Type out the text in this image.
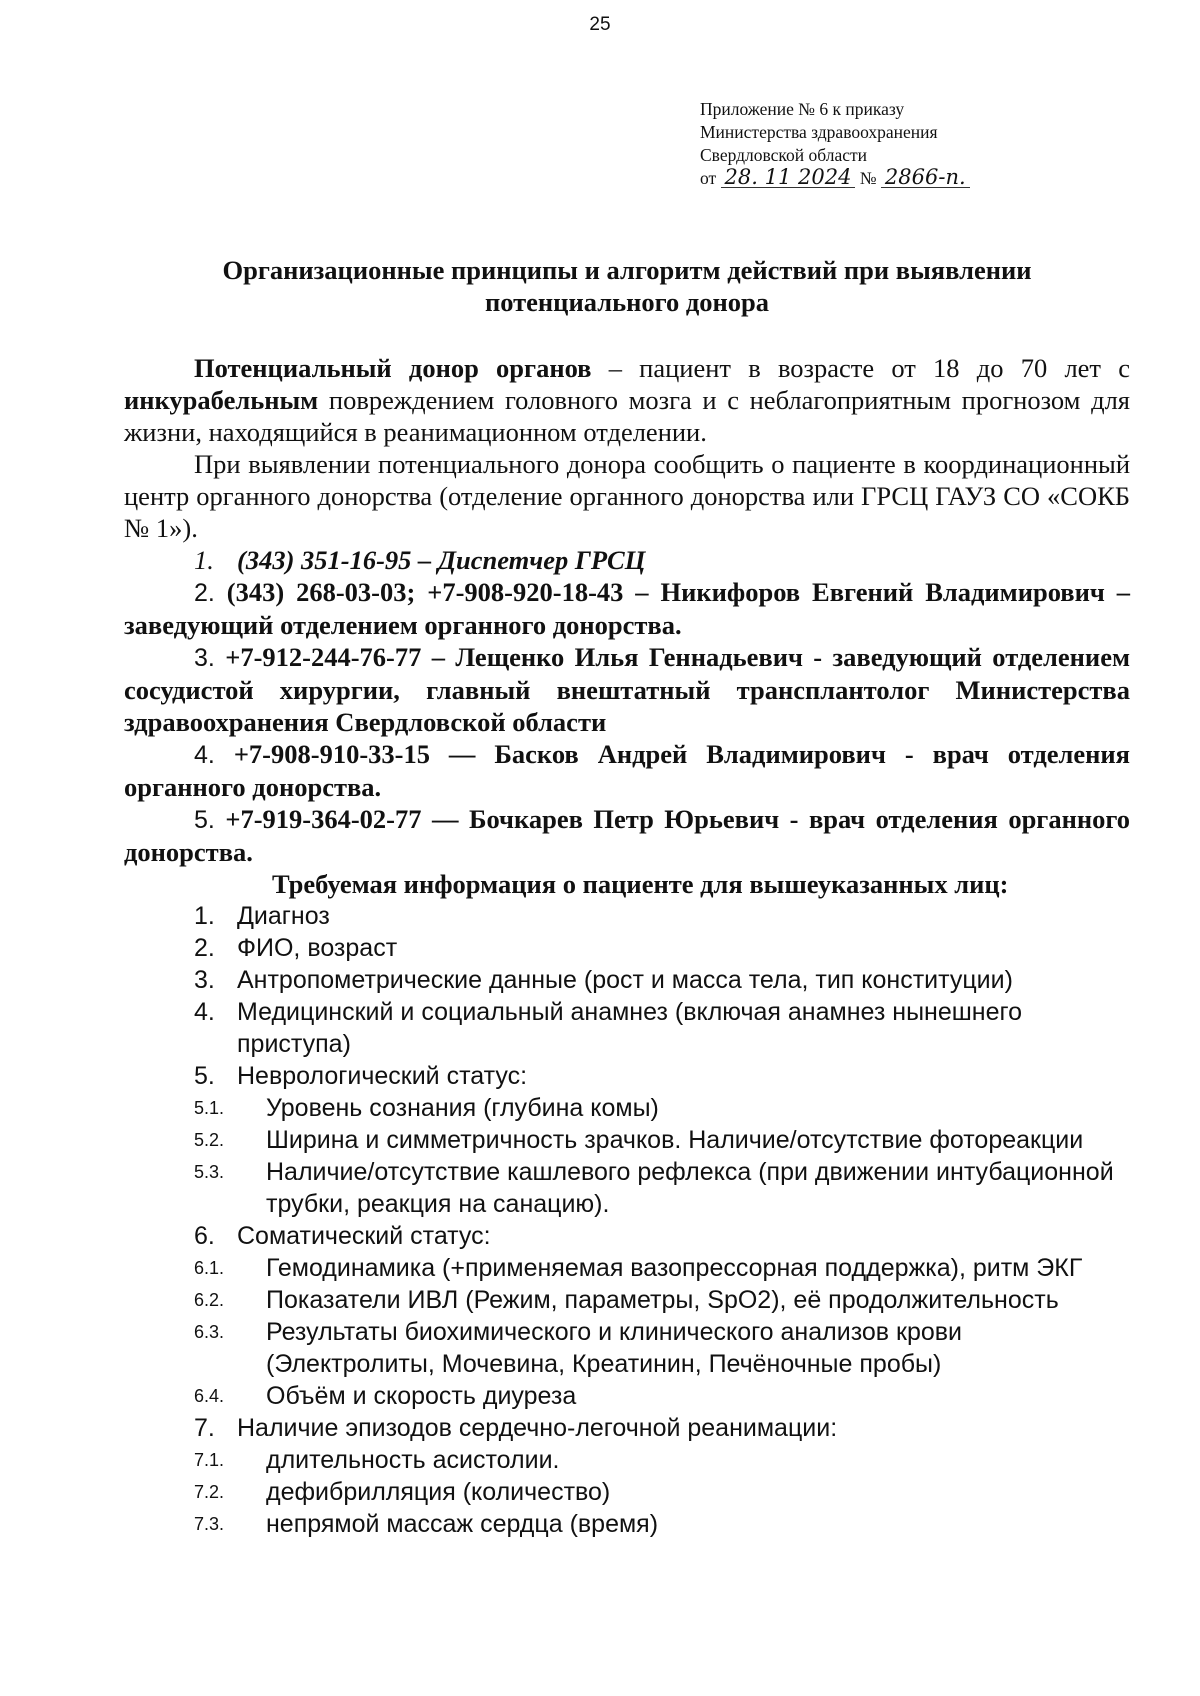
25
Приложение № 6 к приказу
Министерства здравоохранения
Свердловской области
от 28. 11 2024 № 2866-п.
Организационные принципы и алгоритм действий при выявлении
потенциального донора
Потенциальный донор органов – пациент в возрасте от 18 до 70 лет с инкурабельным повреждением головного мозга и с неблагоприятным прогнозом для жизни, находящийся в реанимационном отделении.
При выявлении потенциального донора сообщить о пациенте в координационный центр органного донорства (отделение органного донорства или ГРСЦ ГАУЗ СО «СОКБ № 1»).
1. (343) 351-16-95 – Диспетчер ГРСЦ
2. (343) 268-03-03; +7-908-920-18-43 – Никифоров Евгений Владимирович – заведующий отделением органного донорства.
3. +7-912-244-76-77 – Лещенко Илья Геннадьевич - заведующий отделением сосудистой хирургии, главный внештатный трансплантолог Министерства здравоохранения Свердловской области
4. +7-908-910-33-15 — Басков Андрей Владимирович - врач отделения органного донорства.
5. +7-919-364-02-77 — Бочкарев Петр Юрьевич - врач отделения органного донорства.
Требуемая информация о пациенте для вышеуказанных лиц:
1. Диагноз
2. ФИО, возраст
3. Антропометрические данные (рост и масса тела, тип конституции)
4. Медицинский и социальный анамнез (включая анамнез нынешнего приступа)
5. Неврологический статус:
5.1. Уровень сознания (глубина комы)
5.2. Ширина и симметричность зрачков. Наличие/отсутствие фотореакции
5.3. Наличие/отсутствие кашлевого рефлекса (при движении интубационной трубки, реакция на санацию).
6. Соматический статус:
6.1. Гемодинамика (+применяемая вазопрессорная поддержка), ритм ЭКГ
6.2. Показатели ИВЛ (Режим, параметры, SpO2), её продолжительность
6.3. Результаты биохимического и клинического анализов крови (Электролиты, Мочевина, Креатинин, Печёночные пробы)
6.4. Объём и скорость диуреза
7. Наличие эпизодов сердечно-легочной реанимации:
7.1. длительность асистолии.
7.2. дефибрилляция (количество)
7.3. непрямой массаж сердца (время)
